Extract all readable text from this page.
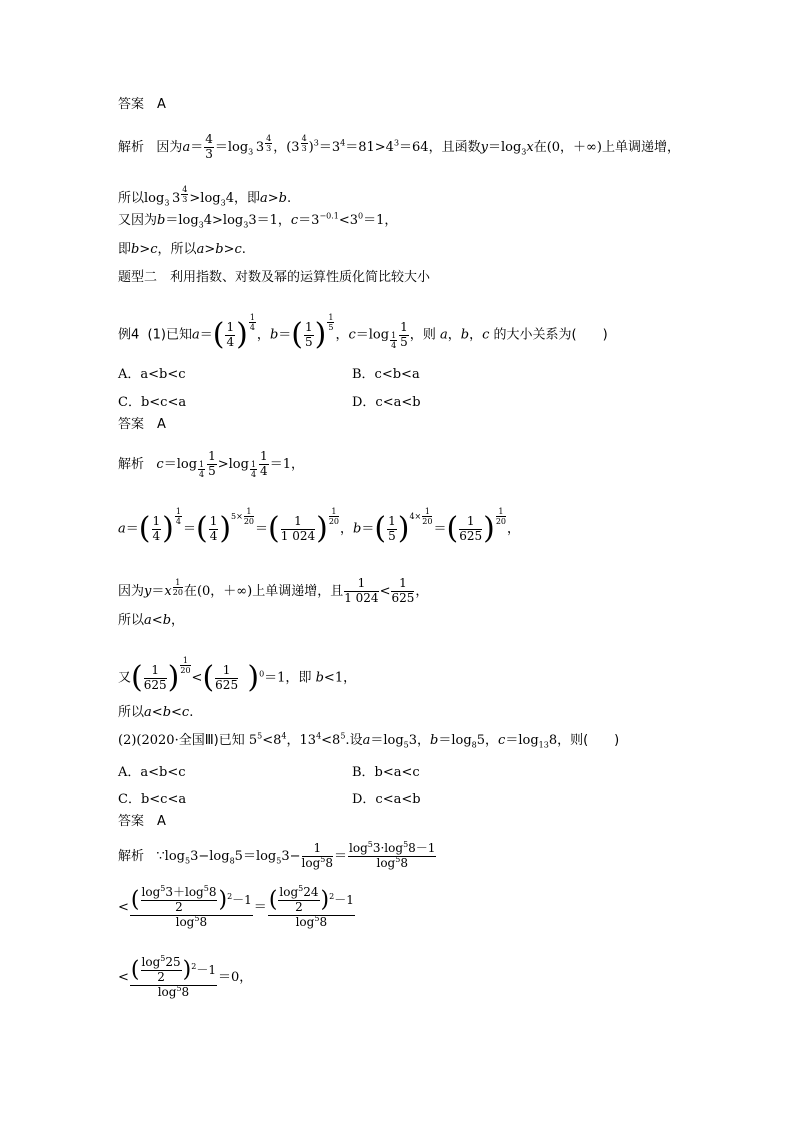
答案　A
解析 因为$a= \frac{4}{3} =\log_3$ 3 $^{\frac{4}{3}}$ ，(3 $^{\frac{4}{3}}$ )$^3=3^4=81>4^3=64$，且函数$y=\log_3x$在(0，＋∞)上单调递增，
所以$\log_3 3$ $^{\frac{4}{3}} >\log_34$，即a>b.
又因为$b=\log_34>\log_33=1$，$c=3^{-0.1}<3^0=1$，
即b>c，所以a>b>c.
题型二　利用指数、对数及幂的运算性质化简比较大小
例4 (1)已知$a=( \frac{1}{4}$ ) $^{\frac{1}{4}}$
，$b=( \frac{1}{5}$ ) $^{\frac{1}{5}}$
，c＝log $_{\frac{1}{4}} \frac{1}{5}$ ，则 a，b，c 的大小关系为(　　)
A．a<b<c	B．c<b<a
C．b<c<a	D．c<a<b
答案　A
解析 c＝log $_{\frac{1}{4}} \frac{1}{5} >\log$ $_{\frac{1}{4}} \frac{1}{4} =1$，
$a=( \frac{1}{4}$ ) $^{\frac{1}{4}}$
＝( $\frac{1}{4} )^{5\times \frac{1}{20}}$
＝( $\frac{1}{1 024}$ ) $^{\frac{1}{20}}$
，$b=( \frac{1}{5} )^{4\times \frac{1}{20}}$
＝( $\frac{1}{625}$ ) $^{\frac{1}{20}}$
，
因为y＝x $^{\frac{1}{20}}$ 在(0，＋∞)上单调递增，且 $\frac{1}{1 024} < \frac{1}{625}$ ，
所以a<b，
又( $\frac{1}{625}$ ) $^{\frac{1}{20}}$
<( $\frac{1}{625} )^0=1$，即 b<1，
所以a<b<c.
(2)(2020·全国Ⅲ)已知 $5^5<8^4$，$13^4<8^5$.设$a=\log_53$，$b=\log_85$，$c=\log_{13}8$，则(　　)
A．a<b<c	B．b<a<c
C．b<c<a	D．c<a<b
答案　A
解析   $\because\log_53-\log_85=\log_53- \frac{1}{\log^58} = \frac{\log^53\cdot\log^58-1}{\log^58}$
< $\frac{( \frac{\log^53+\log^58}{2} )^2-1}{\log^58} = \frac{( \frac{\log^524}{2} )^2-1}{\log^58}$
< $\frac{( \frac{\log^525}{2} )^2-1}{\log^58} =0$，
